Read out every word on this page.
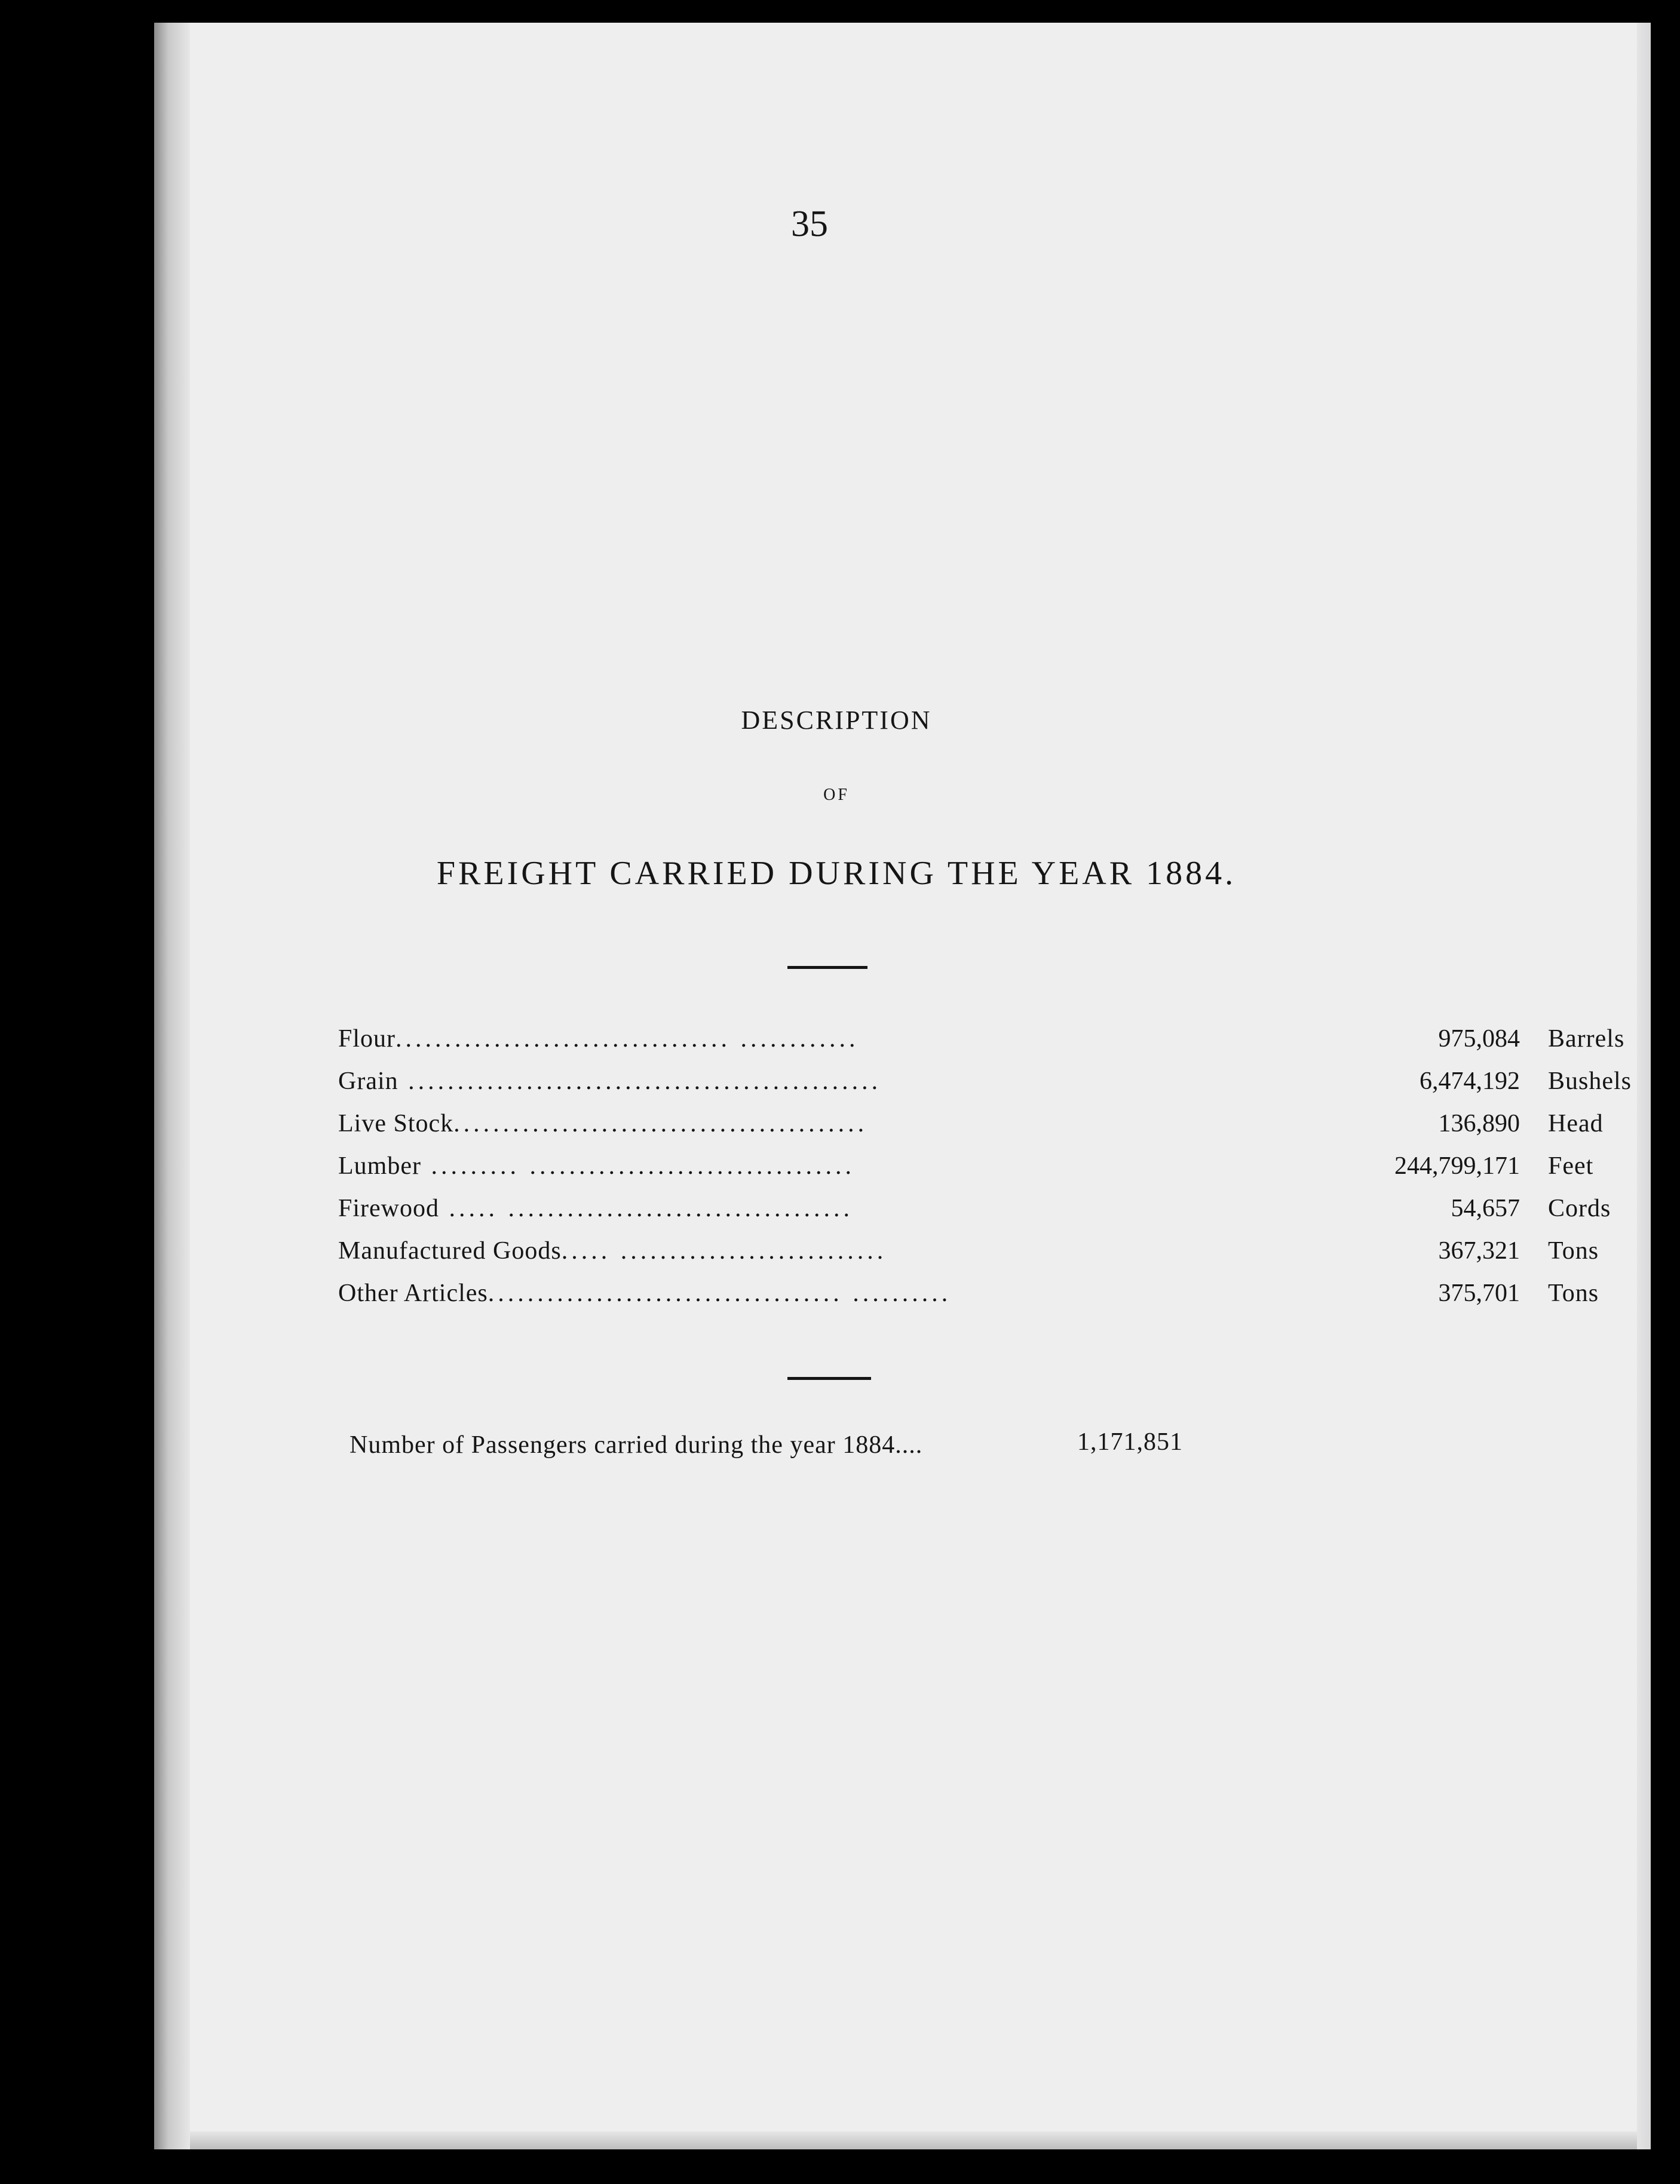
35
DESCRIPTION
OF
FREIGHT CARRIED DURING THE YEAR 1884.
Flour.................................. ............	975,084 Barrels
Grain ................................................	6,474,192 Bushels
Live Stock..........................................	136,890 Head
Lumber ......... .................................	244,799,171 Feet
Firewood ..... ...................................	54,657 Cords
Manufactured Goods..... ...........................	367,321 Tons
Other Articles.................................... ..........	375,701 Tons
Number of Passengers carried during the year 1884....	1,171,851
